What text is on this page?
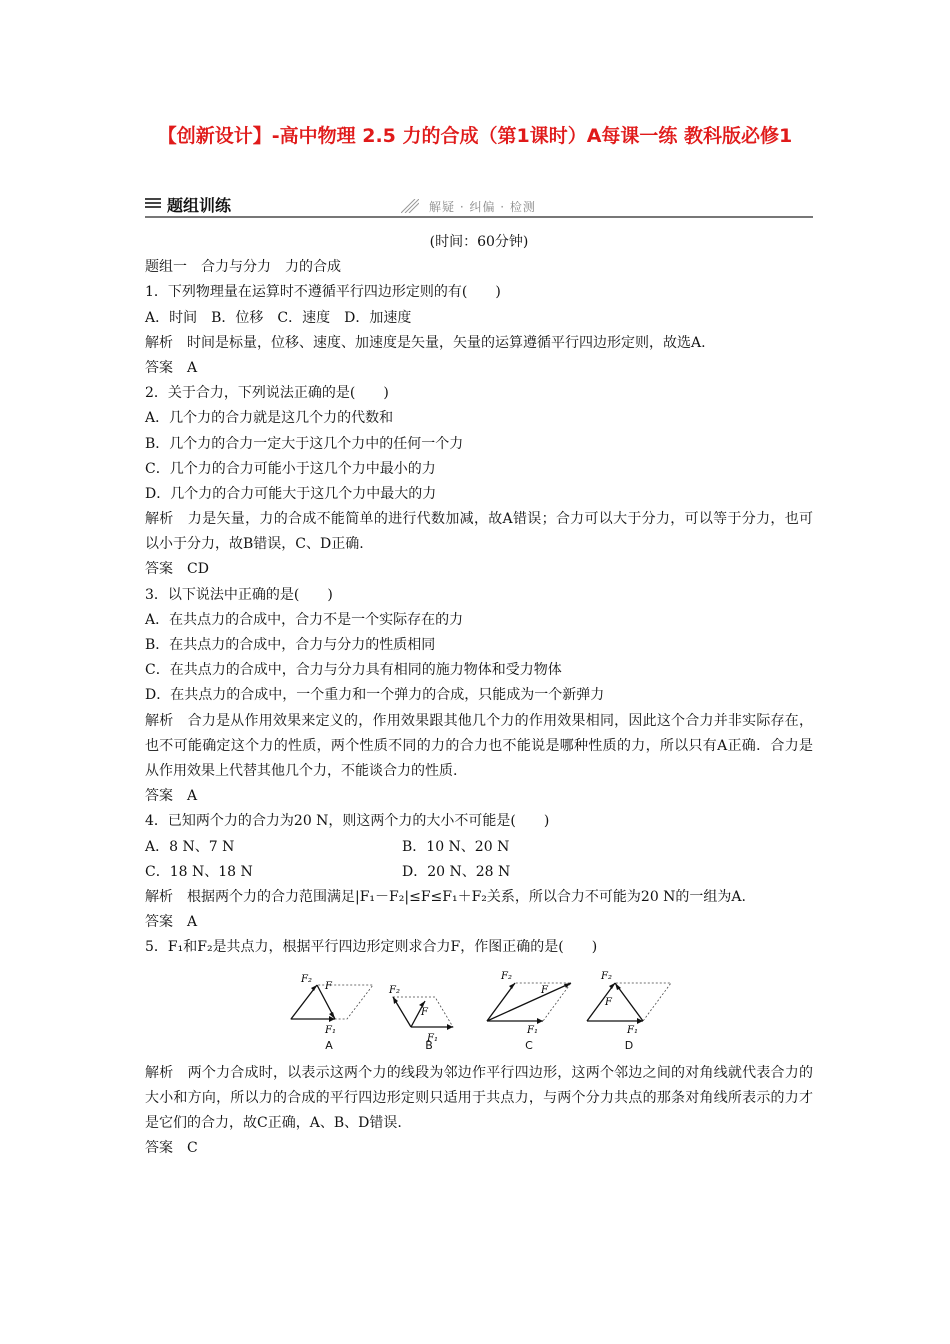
【创新设计】-高中物理 2.5 力的合成（第1课时）A每课一练 教科版必修1
题组训练	解疑 · 纠偏 · 检测
(时间：60分钟)
题组一　合力与分力　力的合成
1．下列物理量在运算时不遵循平行四边形定则的有(　　)
A．时间　B．位移　C．速度　D．加速度
解析　时间是标量，位移、速度、加速度是矢量，矢量的运算遵循平行四边形定则，故选A.
答案　A
2．关于合力，下列说法正确的是(　　)
A．几个力的合力就是这几个力的代数和
B．几个力的合力一定大于这几个力中的任何一个力
C．几个力的合力可能小于这几个力中最小的力
D．几个力的合力可能大于这几个力中最大的力
解析　力是矢量，力的合成不能简单的进行代数加减，故A错误；合力可以大于分力，可以等于分力，也可以小于分力，故B错误，C、D正确.
答案　CD
3．以下说法中正确的是(　　)
A．在共点力的合成中，合力不是一个实际存在的力
B．在共点力的合成中，合力与分力的性质相同
C．在共点力的合成中，合力与分力具有相同的施力物体和受力物体
D．在共点力的合成中，一个重力和一个弹力的合成，只能成为一个新弹力
解析　合力是从作用效果来定义的，作用效果跟其他几个力的作用效果相同，因此这个合力并非实际存在，也不可能确定这个力的性质，两个性质不同的力的合力也不能说是哪种性质的力，所以只有A正确．合力是从作用效果上代替其他几个力，不能谈合力的性质.
答案　A
4．已知两个力的合力为20 N，则这两个力的大小不可能是(　　)
A．8 N、7 N	B．10 N、20 N
C．18 N、18 N	D．20 N、28 N
解析　根据两个力的合力范围满足|F₁－F₂|≤F≤F₁＋F₂关系，所以合力不可能为20 N的一组为A.
答案　A
5．F₁和F₂是共点力，根据平行四边形定则求合力F，作图正确的是(　　)
F₂
F
F₁
A
F₂
F
F₁
B
F₂
F
F₁
C
F₂
F
F₁
D
解析　两个力合成时，以表示这两个力的线段为邻边作平行四边形，这两个邻边之间的对角线就代表合力的大小和方向，所以力的合成的平行四边形定则只适用于共点力，与两个分力共点的那条对角线所表示的力才是它们的合力，故C正确，A、B、D错误.
答案　C
